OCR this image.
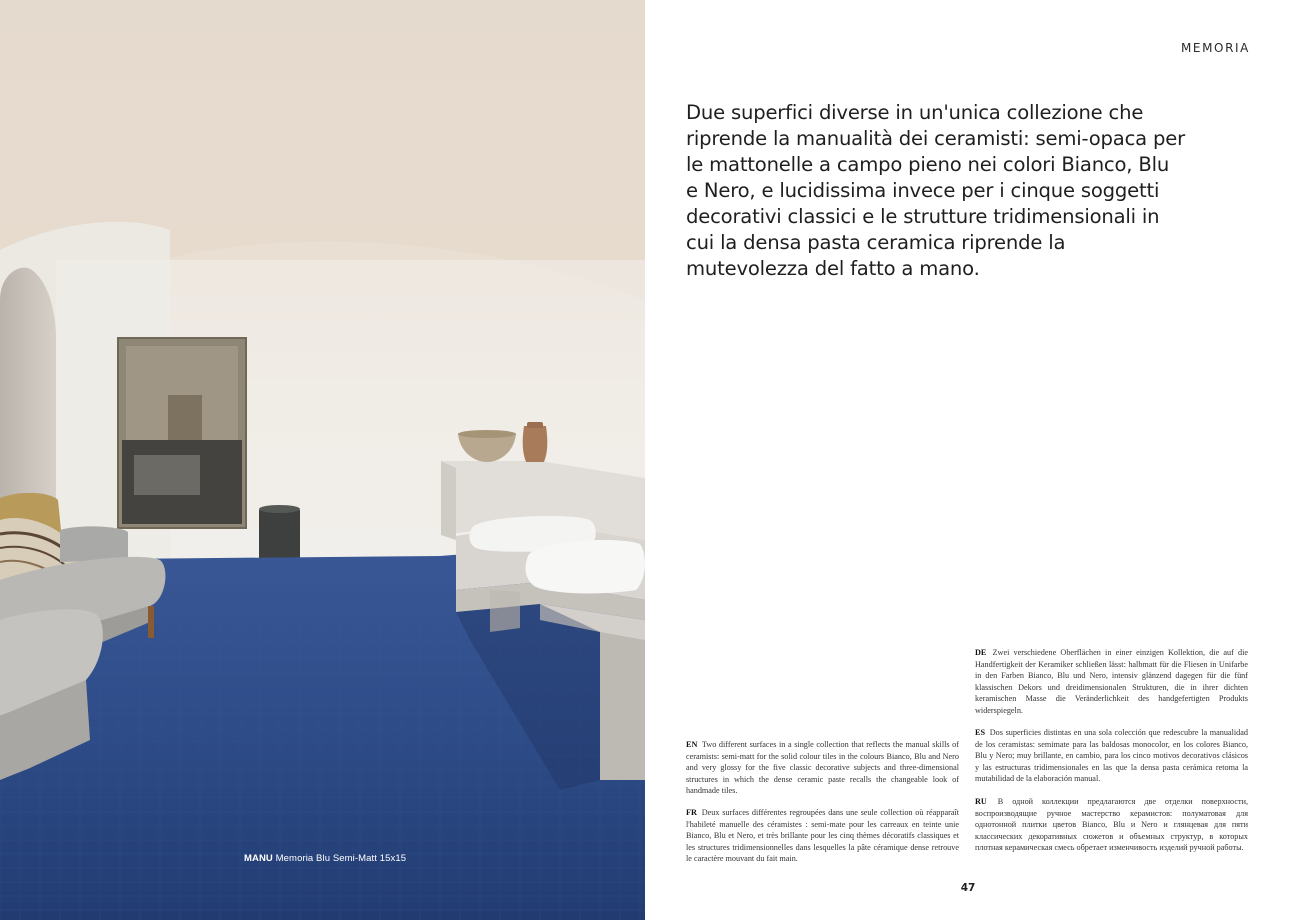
MANU Memoria Blu Semi-Matt 15x15
MEMORIA
Due superfici diverse in un'unica collezione che riprende la manualità dei ceramisti: semi-opaca per le mattonelle a campo pieno nei colori Bianco, Blu e Nero, e lucidissima invece per i cinque soggetti decorativi classici e le strutture tridimensionali in cui la densa pasta ceramica riprende la mutevolezza del fatto a mano.
EN Two different surfaces in a single collection that reflects the manual skills of ceramists: semi-matt for the solid colour tiles in the colours Bianco, Blu and Nero and very glossy for the five classic decorative subjects and three-dimensional structures in which the dense ceramic paste recalls the changeable look of handmade tiles.
FR Deux surfaces différentes regroupées dans une seule collection où réapparaît l'habileté manuelle des céramistes : semi-mate pour les carreaux en teinte unie Bianco, Blu et Nero, et très brillante pour les cinq thèmes décoratifs classiques et les structures tridimensionnelles dans lesquelles la pâte céramique dense retrouve le caractère mouvant du fait main.
DE Zwei verschiedene Oberflächen in einer einzigen Kollektion, die auf die Handfertigkeit der Keramiker schließen lässt: halbmatt für die Fliesen in Unifarbe in den Farben Bianco, Blu und Nero, intensiv glänzend dagegen für die fünf klassischen Dekors und dreidimensionalen Strukturen, die in ihrer dichten keramischen Masse die Veränderlichkeit des handgefertigten Produkts widerspiegeln.
ES Dos superficies distintas en una sola colección que redescubre la manualidad de los ceramistas: semimate para las baldosas monocolor, en los colores Bianco, Blu y Nero; muy brillante, en cambio, para los cinco motivos decorativos clásicos y las estructuras tridimensionales en las que la densa pasta cerámica retoma la mutabilidad de la elaboración manual.
RU В одной коллекции предлагаются две отделки поверхности, воспроизводящие ручное мастерство керамистов: полуматовая для однотонной плитки цветов Bianco, Blu и Nero и глянцевая для пяти классических декоративных сюжетов и объемных структур, в которых плотная керамическая смесь обретает изменчивость изделий ручной работы.
47
